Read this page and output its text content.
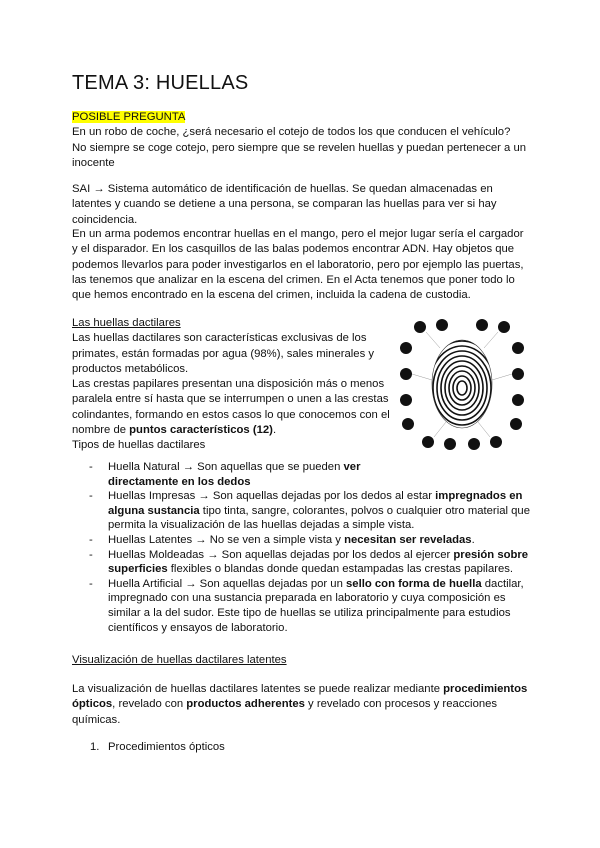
TEMA 3: HUELLAS

POSIBLE PREGUNTA
En un robo de coche, ¿será necesario el cotejo de todos los que conducen el vehículo?
No siempre se coge cotejo, pero siempre que se revelen huellas y puedan pertenecer a un inocente

SAI → Sistema automático de identificación de huellas. Se quedan almacenadas en latentes y cuando se detiene a una persona, se comparan las huellas para ver si hay coincidencia.

En un arma podemos encontrar huellas en el mango, pero el mejor lugar sería el cargador y el disparador. En los casquillos de las balas podemos encontrar ADN. Hay objetos que podemos llevarlos para poder investigarlos en el laboratorio, pero por ejemplo las puertas, las tenemos que analizar en la escena del crimen. En el Acta tenemos que poner todo lo que hemos encontrado en la escena del crimen, incluida la cadena de custodia.

Las huellas dactilares
Las huellas dactilares son características exclusivas de los primates, están formadas por agua (98%), sales minerales y productos metabólicos.
Las crestas papilares presentan una disposición más o menos paralela entre sí hasta que se interrumpen o unen a las crestas colindantes, formando en estos casos lo que conocemos con el nombre de puntos característicos (12).
Tipos de huellas dactilares
- Huella Natural → Son aquellas que se pueden ver directamente en los dedos
- Huellas Impresas → Son aquellas dejadas por los dedos al estar impregnados en alguna sustancia tipo tinta, sangre, colorantes, polvos o cualquier otro material que permita la visualización de las huellas dejadas a simple vista.
- Huellas Latentes → No se ven a simple vista y necesitan ser reveladas.
- Huellas Moldeadas → Son aquellas dejadas por los dedos al ejercer presión sobre superficies flexibles o blandas donde quedan estampadas las crestas papilares.
- Huella Artificial → Son aquellas dejadas por un sello con forma de huella dactilar, impregnado con una sustancia preparada en laboratorio y cuya composición es similar a la del sudor. Este tipo de huellas se utiliza principalmente para estudios científicos y ensayos de laboratorio.

Visualización de huellas dactilares latentes

La visualización de huellas dactilares latentes se puede realizar mediante procedimientos ópticos, revelado con productos adherentes y revelado con procesos y reacciones químicas.

1. Procedimientos ópticos
